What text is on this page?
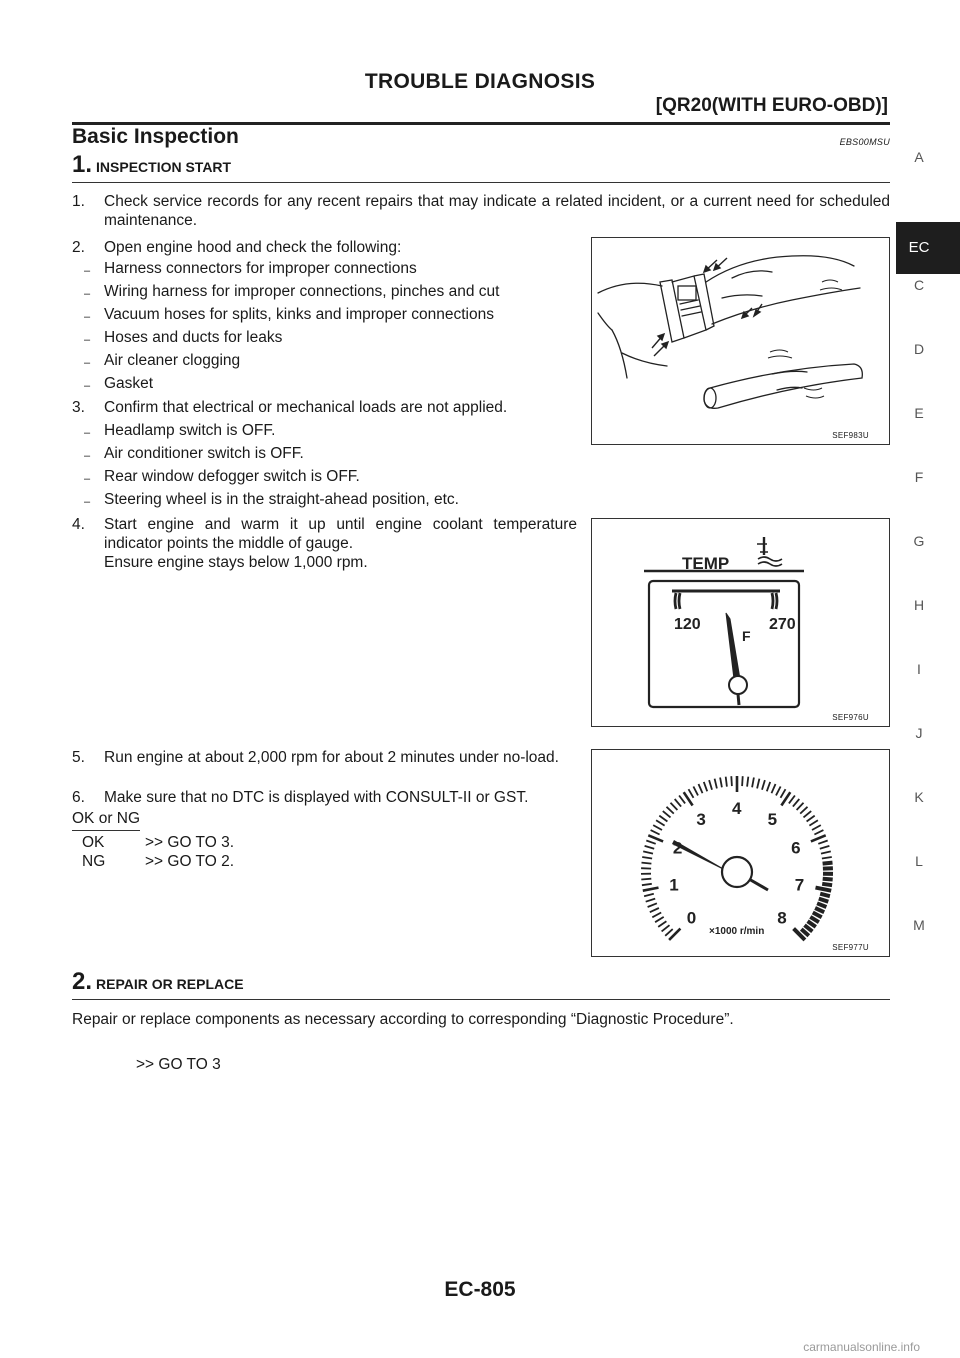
TROUBLE DIAGNOSIS
[QR20(WITH EURO-OBD)]
Basic Inspection	EBS00MSU
1. INSPECTION START
1. Check service records for any recent repairs that may indicate a related incident, or a current need for scheduled maintenance.
2. Open engine hood and check the following:
– Harness connectors for improper connections
– Wiring harness for improper connections, pinches and cut
– Vacuum hoses for splits, kinks and improper connections
– Hoses and ducts for leaks
– Air cleaner clogging
– Gasket
3. Confirm that electrical or mechanical loads are not applied.
– Headlamp switch is OFF.
– Air conditioner switch is OFF.
– Rear window defogger switch is OFF.
– Steering wheel is in the straight-ahead position, etc.
4. Start engine and warm it up until engine coolant temperature indicator points the middle of gauge.
Ensure engine stays below 1,000 rpm.
5. Run engine at about 2,000 rpm for about 2 minutes under no-load.
6. Make sure that no DTC is displayed with CONSULT-II or GST.
OK or NG
OK	>> GO TO 3.
NG	>> GO TO 2.
2. REPAIR OR REPLACE
Repair or replace components as necessary according to corresponding “Diagnostic Procedure”.
>> GO TO 3
SEF983U
TEMP
120
F
270
SEF976U
0
1
2
3
4
5
6
7
8
×1000 r/min
SEF977U
A
EC
C
D
E
F
G
H
I
J
K
L
M
EC-805
carmanualsonline.info
